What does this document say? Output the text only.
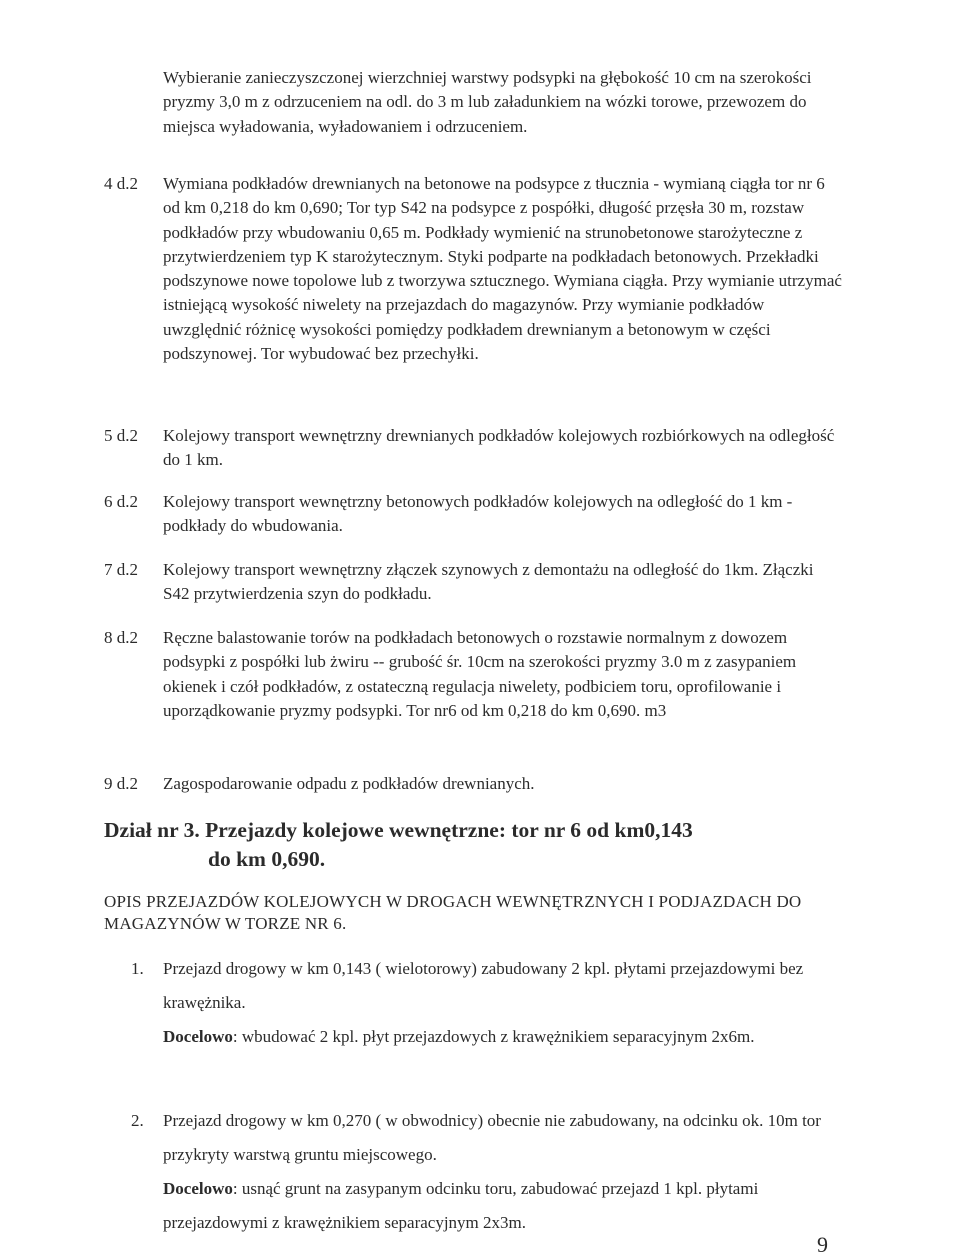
Wybieranie zanieczyszczonej wierzchniej warstwy podsypki na głębokość 10 cm na szerokości pryzmy 3,0 m z odrzuceniem na odl. do 3 m lub załadunkiem na wózki torowe, przewozem do miejsca wyładowania, wyładowaniem i odrzuceniem.
4 d.2	Wymiana podkładów drewnianych na betonowe na podsypce z tłucznia - wymianą ciągła tor nr 6 od km 0,218 do km 0,690; Tor typ S42 na podsypce z pospółki, długość przęsła 30 m, rozstaw podkładów przy wbudowaniu 0,65 m. Podkłady wymienić na strunobetonowe starożyteczne z przytwierdzeniem typ K starożytecznym. Styki podparte na podkładach betonowych. Przekładki podszynowe nowe topolowe lub z tworzywa sztucznego. Wymiana ciągła. Przy wymianie utrzymać istniejącą wysokość niwelety na przejazdach do magazynów. Przy wymianie podkładów uwzględnić różnicę wysokości pomiędzy podkładem drewnianym a betonowym w części podszynowej. Tor wybudować bez przechyłki.
5 d.2	Kolejowy transport wewnętrzny drewnianych podkładów kolejowych rozbiórkowych na odległość do 1 km.
6 d.2	Kolejowy transport wewnętrzny betonowych podkładów kolejowych na odległość do 1 km - podkłady do wbudowania.
7 d.2	Kolejowy transport wewnętrzny złączek szynowych z demontażu na odległość do 1km. Złączki S42 przytwierdzenia szyn do podkładu.
8 d.2	Ręczne balastowanie torów na podkładach betonowych o rozstawie normalnym z dowozem podsypki z pospółki lub żwiru -- grubość śr. 10cm na szerokości pryzmy 3.0 m z zasypaniem okienek i czół podkładów, z ostateczną regulacja niwelety, podbiciem toru, oprofilowanie i uporządkowanie pryzmy podsypki. Tor nr6 od km 0,218 do km 0,690. m3
9 d.2	Zagospodarowanie odpadu z podkładów drewnianych.
Dział nr 3. Przejazdy kolejowe wewnętrzne: tor nr 6 od km0,143
do km 0,690.
OPIS PRZEJAZDÓW KOLEJOWYCH W DROGACH WEWNĘTRZNYCH I PODJAZDACH DO MAGAZYNÓW W TORZE NR 6.
1.	Przejazd drogowy w km 0,143 ( wielotorowy) zabudowany 2 kpl. płytami przejazdowymi bez krawężnika.

Docelowo: wbudować 2 kpl. płyt przejazdowych z krawężnikiem separacyjnym 2x6m.

2.	Przejazd drogowy w km 0,270 ( w obwodnicy) obecnie nie zabudowany, na odcinku ok. 10m tor przykryty warstwą gruntu miejscowego.

Docelowo: usnąć grunt na zasypanym odcinku toru, zabudować przejazd 1 kpl. płytami przejazdowymi z krawężnikiem separacyjnym 2x3m.

9
